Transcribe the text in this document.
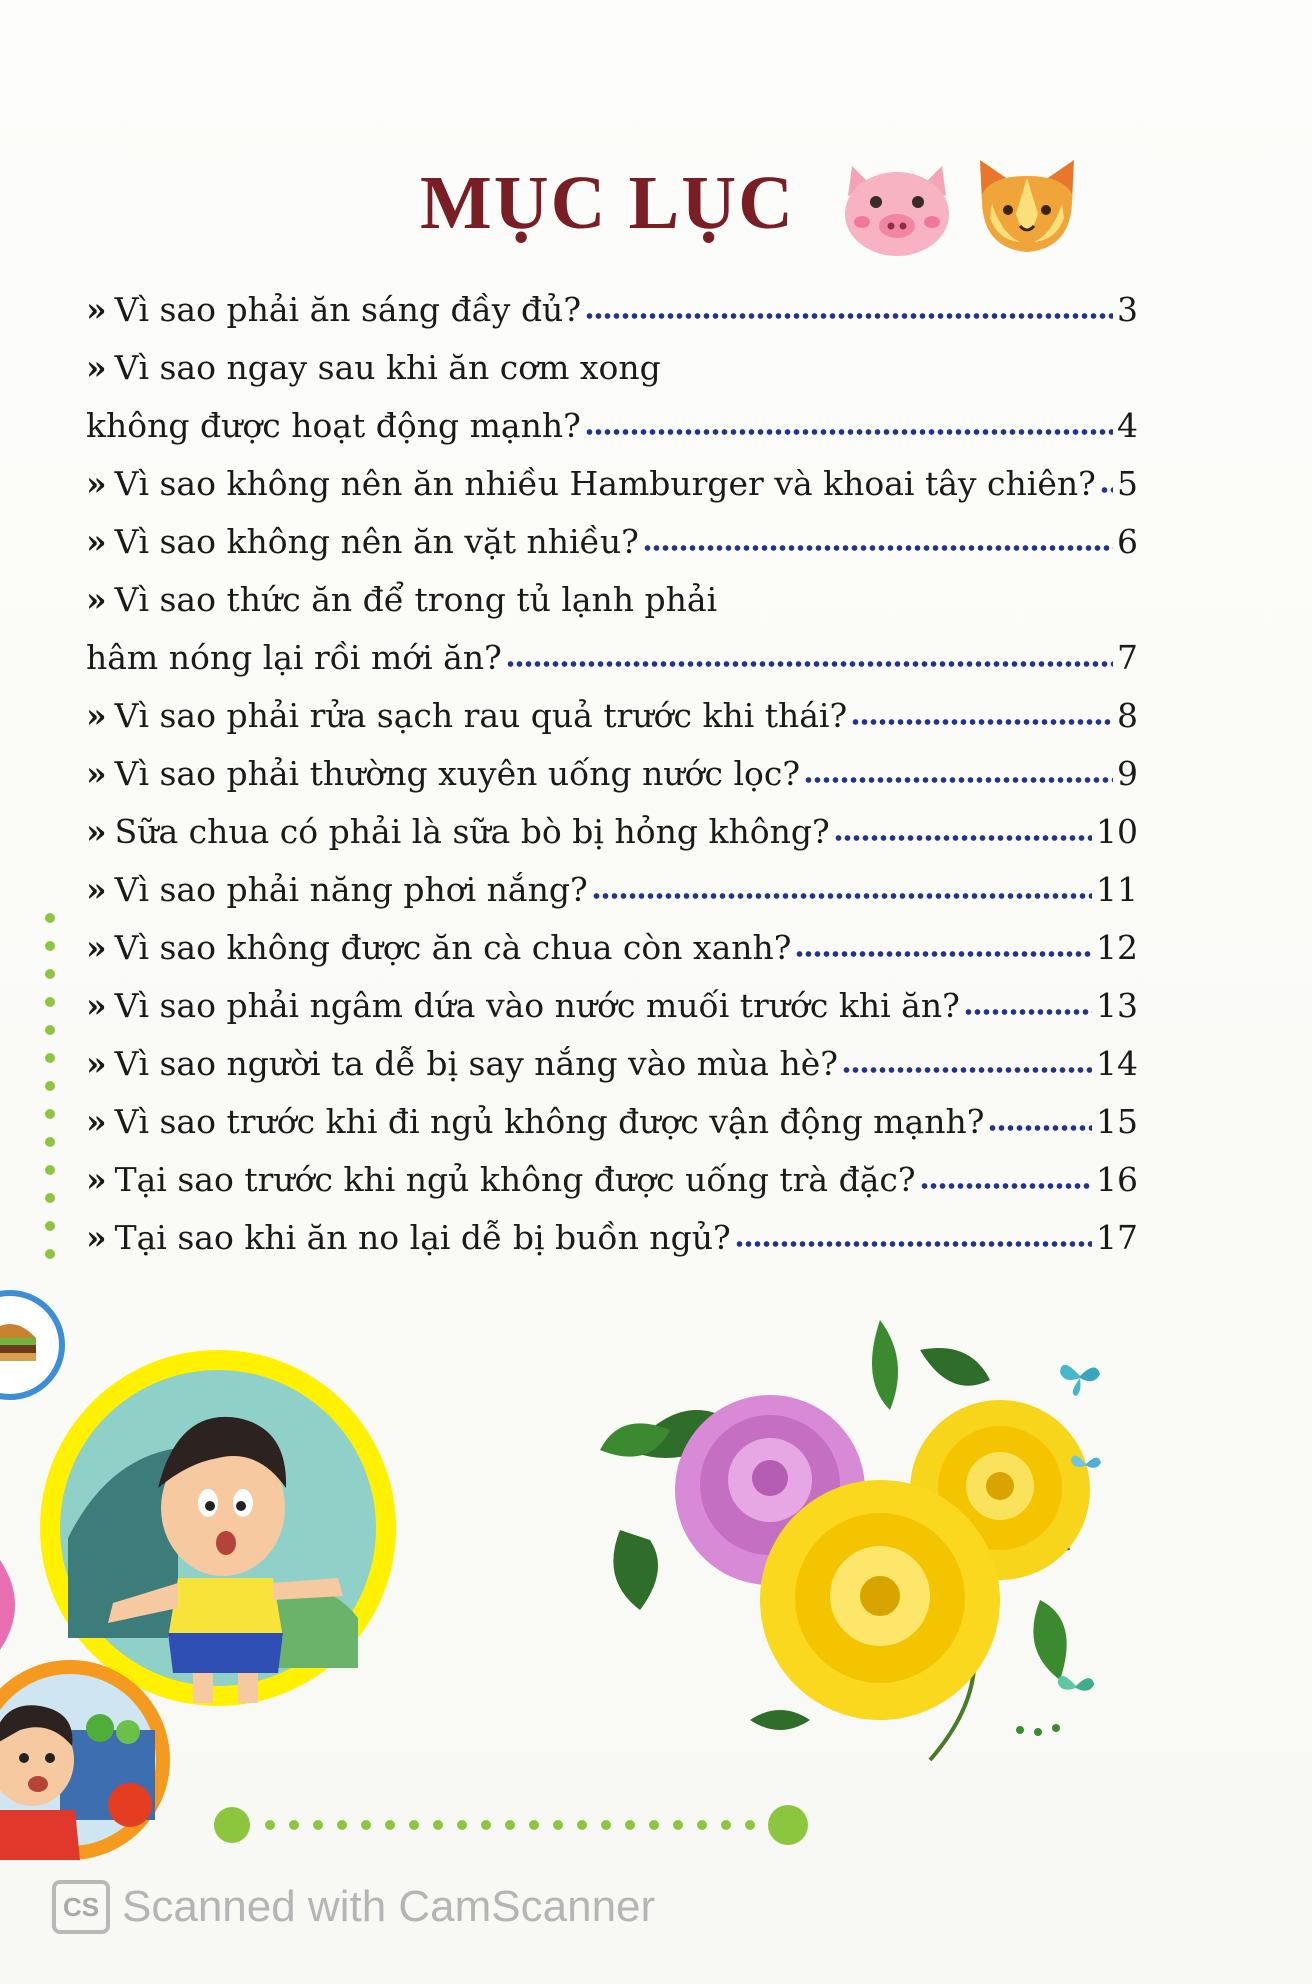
MỤC LỤC
» Vì sao phải ăn sáng đầy đủ?	3
» Vì sao ngay sau khi ăn cơm xong
không được hoạt động mạnh?	4
» Vì sao không nên ăn nhiều Hamburger và khoai tây chiên? 5
» Vì sao không nên ăn vặt nhiều?	6
» Vì sao thức ăn để trong tủ lạnh phải
hâm nóng lại rồi mới ăn?	7
» Vì sao phải rửa sạch rau quả trước khi thái?	8
» Vì sao phải thường xuyên uống nước lọc?	9
» Sữa chua có phải là sữa bò bị hỏng không?	10
» Vì sao phải năng phơi nắng?	11
» Vì sao không được ăn cà chua còn xanh?	12
» Vì sao phải ngâm dứa vào nước muối trước khi ăn?	13
» Vì sao người ta dễ bị say nắng vào mùa hè?	14
» Vì sao trước khi đi ngủ không được vận động mạnh?	15
» Tại sao trước khi ngủ không được uống trà đặc?	16
» Tại sao khi ăn no lại dễ bị buồn ngủ?	17
CS Scanned with CamScanner
